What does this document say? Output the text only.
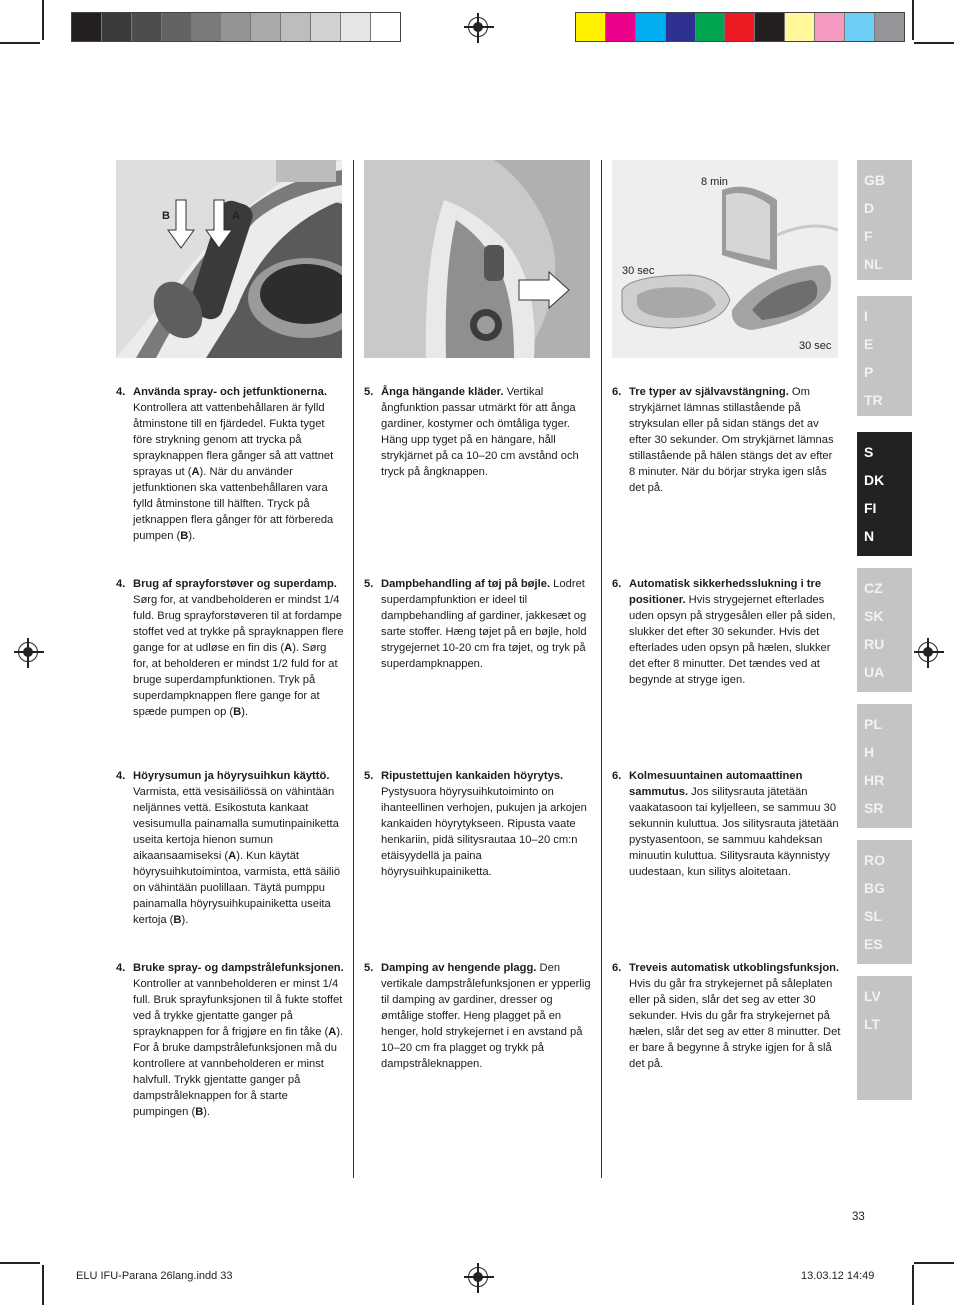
B	A
8 min
30 sec
30 sec
4. Använda spray- och jetfunktionerna. Kontrollera att vattenbehållaren är fylld åtminstone till en fjärdedel. Fukta tyget före strykning genom att trycka på sprayknappen flera gånger så att vattnet sprayas ut (A). När du använder jetfunktionen ska vattenbehållaren vara fylld åtminstone till hälften. Tryck på jetknappen flera gånger för att förbereda pumpen (B).
5. Ånga hängande kläder. Vertikal ångfunktion passar utmärkt för att ånga gardiner, kostymer och ömtåliga tyger. Häng upp tyget på en hängare, håll strykjärnet på ca 10–20 cm avstånd och tryck på ångknappen.
6. Tre typer av självavstängning. Om strykjärnet lämnas stillastående på stryksulan eller på sidan stängs det av efter 30 sekunder. Om strykjärnet lämnas stillastående på hälen stängs det av efter 8 minuter. När du börjar stryka igen slås det på.
4. Brug af sprayforstøver og superdamp. Sørg for, at vandbeholderen er mindst 1/4 fuld. Brug sprayforstøveren til at fordampe stoffet ved at trykke på sprayknappen flere gange for at udløse en fin dis (A). Sørg for, at beholderen er mindst 1/2 fuld for at bruge superdampfunktionen. Tryk på superdampknappen flere gange for at spæde pumpen op (B).
5. Dampbehandling af tøj på bøjle. Lodret superdampfunktion er ideel til dampbehandling af gardiner, jakkesæt og sarte stoffer. Hæng tøjet på en bøjle, hold strygejernet 10-20 cm fra tøjet, og tryk på superdampknappen.
6. Automatisk sikkerhedsslukning i tre positioner. Hvis strygejernet efterlades uden opsyn på strygesålen eller på siden, slukker det efter 30 sekunder. Hvis det efterlades uden opsyn på hælen, slukker det efter 8 minutter. Det tændes ved at begynde at stryge igen.
4. Höyrysumun ja höyrysuihkun käyttö. Varmista, että vesisäiliössä on vähintään neljännes vettä. Esikostuta kankaat vesisumulla painamalla sumutinpainiketta useita kertoja hienon sumun aikaansaamiseksi (A). Kun käytät höyrysuihkutoimintoa, varmista, että säiliö on vähintään puolillaan. Täytä pumppu painamalla höyrysuihkupainiketta useita kertoja (B).
5. Ripustettujen kankaiden höyrytys. Pystysuora höyrysuihkutoiminto on ihanteellinen verhojen, pukujen ja arkojen kankaiden höyrytykseen. Ripusta vaate henkariin, pidä silitysrautaa 10–20 cm:n etäisyydellä ja paina höyrysuihkupainiketta.
6. Kolmesuuntainen automaattinen sammutus. Jos silitysrauta jätetään vaakatasoon tai kyljelleen, se sammuu 30 sekunnin kuluttua. Jos silitysrauta jätetään pystyasentoon, se sammuu kahdeksan minuutin kuluttua. Silitysrauta käynnistyy uudestaan, kun silitys aloitetaan.
4. Bruke spray- og dampstrålefunksjonen. Kontroller at vannbeholderen er minst 1/4 full. Bruk sprayfunksjonen til å fukte stoffet ved å trykke gjentatte ganger på sprayknappen for å frigjøre en fin tåke (A). For å bruke dampstrålefunksjonen må du kontrollere at vannbeholderen er minst halvfull. Trykk gjentatte ganger på dampstråleknappen for å starte pumpingen (B).
5. Damping av hengende plagg. Den vertikale dampstrålefunksjonen er ypperlig til damping av gardiner, dresser og ømtålige stoffer. Heng plagget på en henger, hold strykejernet i en avstand på 10–20 cm fra plagget og trykk på dampstråleknappen.
6. Treveis automatisk utkoblingsfunksjon. Hvis du går fra strykejernet på såleplaten eller på siden, slår det seg av etter 30 sekunder. Hvis du går fra strykejernet på hælen, slår det seg av etter 8 minutter. Det er bare å begynne å stryke igjen for å slå det på.
GB
D
F
NL
I
E
P
TR
S
DK
FI
N
CZ
SK
RU
UA
PL
H
HR
SR
RO
BG
SL
ES
LV
LT
33
ELU IFU-Parana 26lang.indd 33	13.03.12 14:49
